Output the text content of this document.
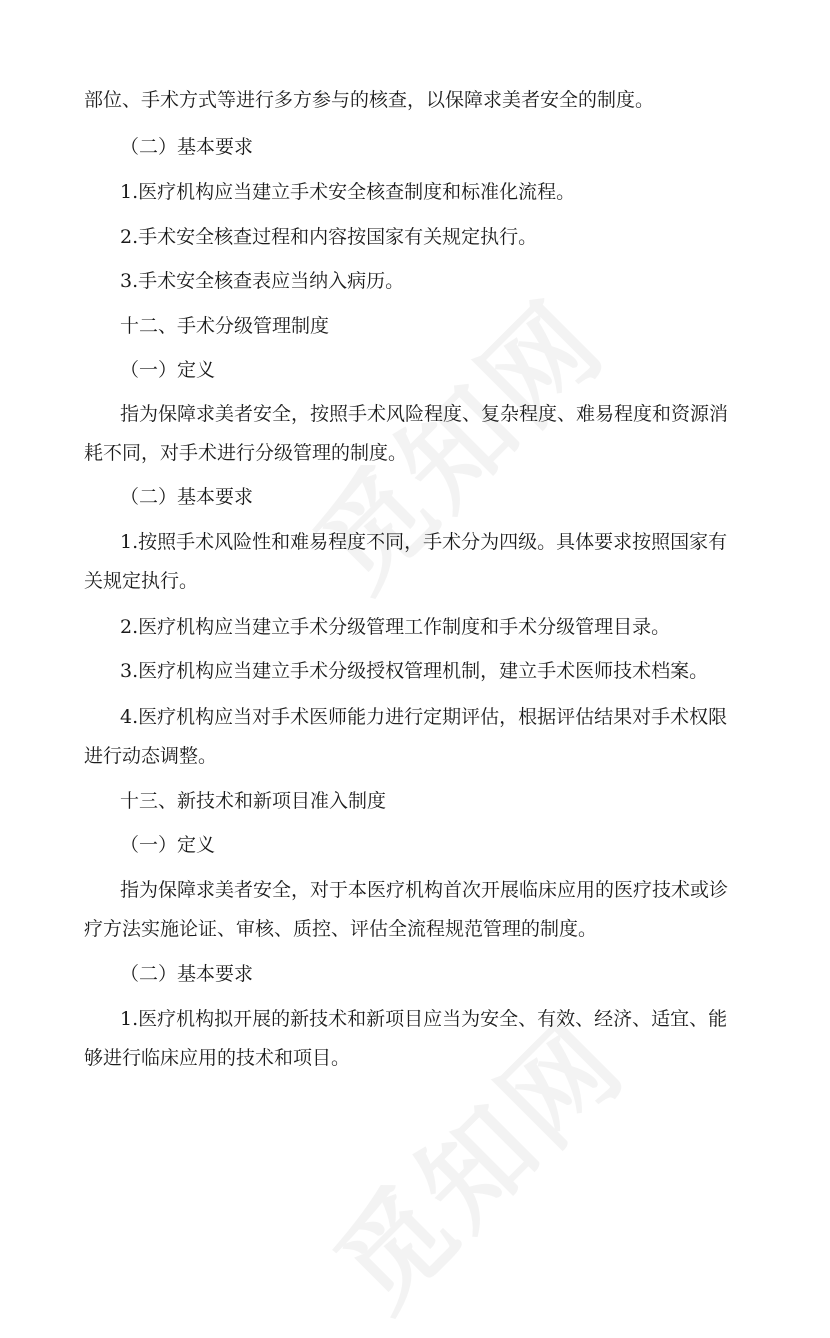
部位、手术方式等进行多方参与的核查，以保障求美者安全的制度。
（二）基本要求
1.医疗机构应当建立手术安全核查制度和标准化流程。
2.手术安全核查过程和内容按国家有关规定执行。
3.手术安全核查表应当纳入病历。
十二、手术分级管理制度
（一）定义
指为保障求美者安全，按照手术风险程度、复杂程度、难易程度和资源消
耗不同，对手术进行分级管理的制度。
（二）基本要求
1.按照手术风险性和难易程度不同，手术分为四级。具体要求按照国家有
关规定执行。
2.医疗机构应当建立手术分级管理工作制度和手术分级管理目录。
3.医疗机构应当建立手术分级授权管理机制，建立手术医师技术档案。
4.医疗机构应当对手术医师能力进行定期评估，根据评估结果对手术权限
进行动态调整。
十三、新技术和新项目准入制度
（一）定义
指为保障求美者安全，对于本医疗机构首次开展临床应用的医疗技术或诊
疗方法实施论证、审核、质控、评估全流程规范管理的制度。
（二）基本要求
1.医疗机构拟开展的新技术和新项目应当为安全、有效、经济、适宜、能
够进行临床应用的技术和项目。
